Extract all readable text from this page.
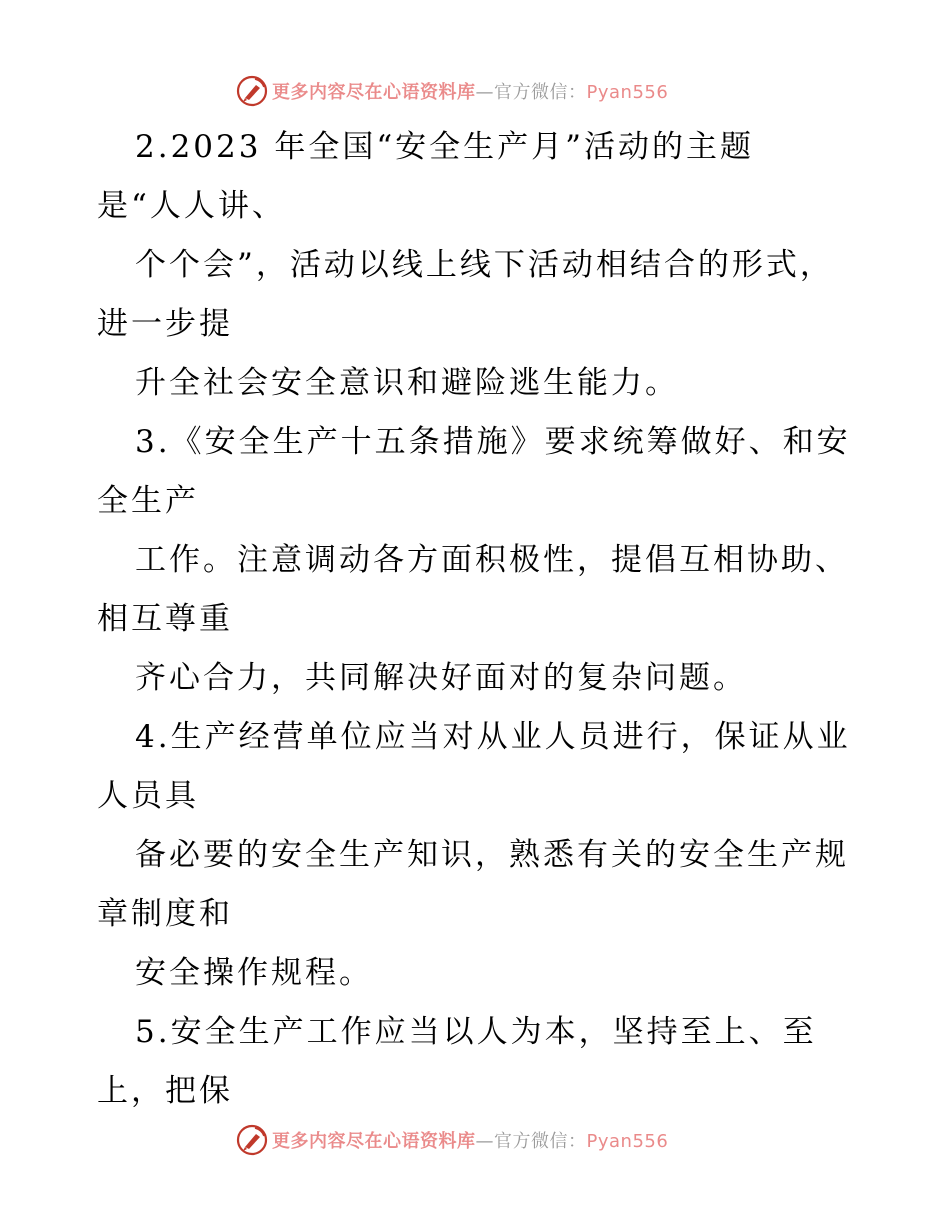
更多内容尽在心语资料库—官方微信：Pyan556
2.2023 年全国“安全生产月”活动的主题
是“人人讲、
个个会”，活动以线上线下活动相结合的形式，
进一步提
升全社会安全意识和避险逃生能力。
3.《安全生产十五条措施》要求统筹做好、和安
全生产
工作。注意调动各方面积极性，提倡互相协助、
相互尊重
齐心合力，共同解决好面对的复杂问题。
4.生产经营单位应当对从业人员进行，保证从业
人员具
备必要的安全生产知识，熟悉有关的安全生产规
章制度和
安全操作规程。
5.安全生产工作应当以人为本，坚持至上、至
上，把保
更多内容尽在心语资料库—官方微信：Pyan556
